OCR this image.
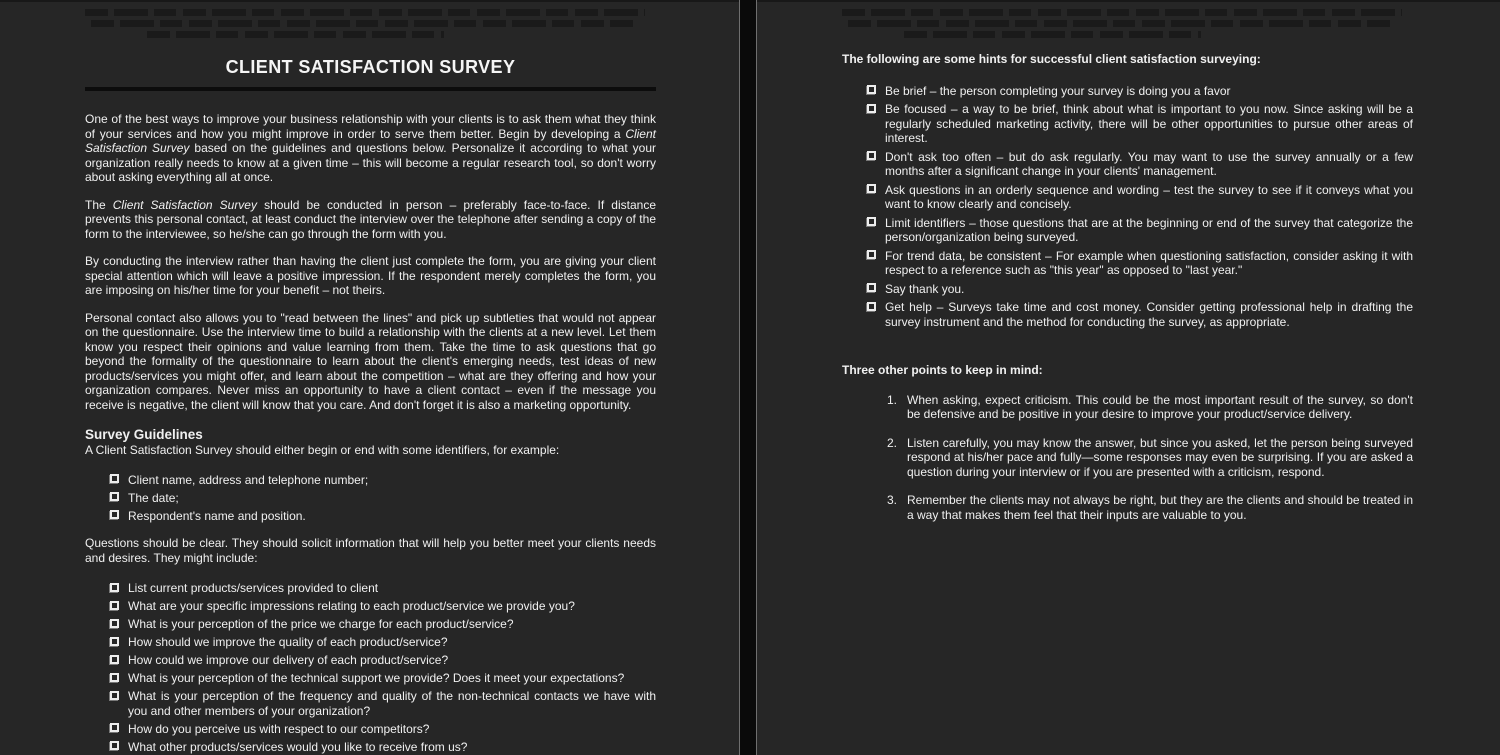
CLIENT SATISFACTION SURVEY

One of the best ways to improve your business relationship with your clients is to ask them what they think of your services and how you might improve in order to serve them better. Begin by developing a Client Satisfaction Survey based on the guidelines and questions below. Personalize it according to what your organization really needs to know at a given time – this will become a regular research tool, so don't worry about asking everything all at once.

The Client Satisfaction Survey should be conducted in person – preferably face-to-face. If distance prevents this personal contact, at least conduct the interview over the telephone after sending a copy of the form to the interviewee, so he/she can go through the form with you.

By conducting the interview rather than having the client just complete the form, you are giving your client special attention which will leave a positive impression. If the respondent merely completes the form, you are imposing on his/her time for your benefit – not theirs.

Personal contact also allows you to "read between the lines" and pick up subtleties that would not appear on the questionnaire. Use the interview time to build a relationship with the clients at a new level. Let them know you respect their opinions and value learning from them. Take the time to ask questions that go beyond the formality of the questionnaire to learn about the client's emerging needs, test ideas of new products/services you might offer, and learn about the competition – what are they offering and how your organization compares. Never miss an opportunity to have a client contact – even if the message you receive is negative, the client will know that you care. And don't forget it is also a marketing opportunity.

Survey Guidelines

A Client Satisfaction Survey should either begin or end with some identifiers, for example:

Client name, address and telephone number;
The date;
Respondent's name and position.

Questions should be clear. They should solicit information that will help you better meet your clients needs and desires. They might include:

List current products/services provided to client
What are your specific impressions relating to each product/service we provide you?
What is your perception of the price we charge for each product/service?
How should we improve the quality of each product/service?
How could we improve our delivery of each product/service?
What is your perception of the technical support we provide? Does it meet your expectations?
What is your perception of the frequency and quality of the non-technical contacts we have with you and other members of your organization?
How do you perceive us with respect to our competitors?
What other products/services would you like to receive from us?

The following are some hints for successful client satisfaction surveying:

Be brief – the person completing your survey is doing you a favor
Be focused – a way to be brief, think about what is important to you now. Since asking will be a regularly scheduled marketing activity, there will be other opportunities to pursue other areas of interest.
Don't ask too often – but do ask regularly. You may want to use the survey annually or a few months after a significant change in your clients' management.
Ask questions in an orderly sequence and wording – test the survey to see if it conveys what you want to know clearly and concisely.
Limit identifiers – those questions that are at the beginning or end of the survey that categorize the person/organization being surveyed.
For trend data, be consistent – For example when questioning satisfaction, consider asking it with respect to a reference such as "this year" as opposed to "last year."
Say thank you.
Get help – Surveys take time and cost money. Consider getting professional help in drafting the survey instrument and the method for conducting the survey, as appropriate.

Three other points to keep in mind:

1. When asking, expect criticism. This could be the most important result of the survey, so don't be defensive and be positive in your desire to improve your product/service delivery.
2. Listen carefully, you may know the answer, but since you asked, let the person being surveyed respond at his/her pace and fully—some responses may even be surprising. If you are asked a question during your interview or if you are presented with a criticism, respond.
3. Remember the clients may not always be right, but they are the clients and should be treated in a way that makes them feel that their inputs are valuable to you.
